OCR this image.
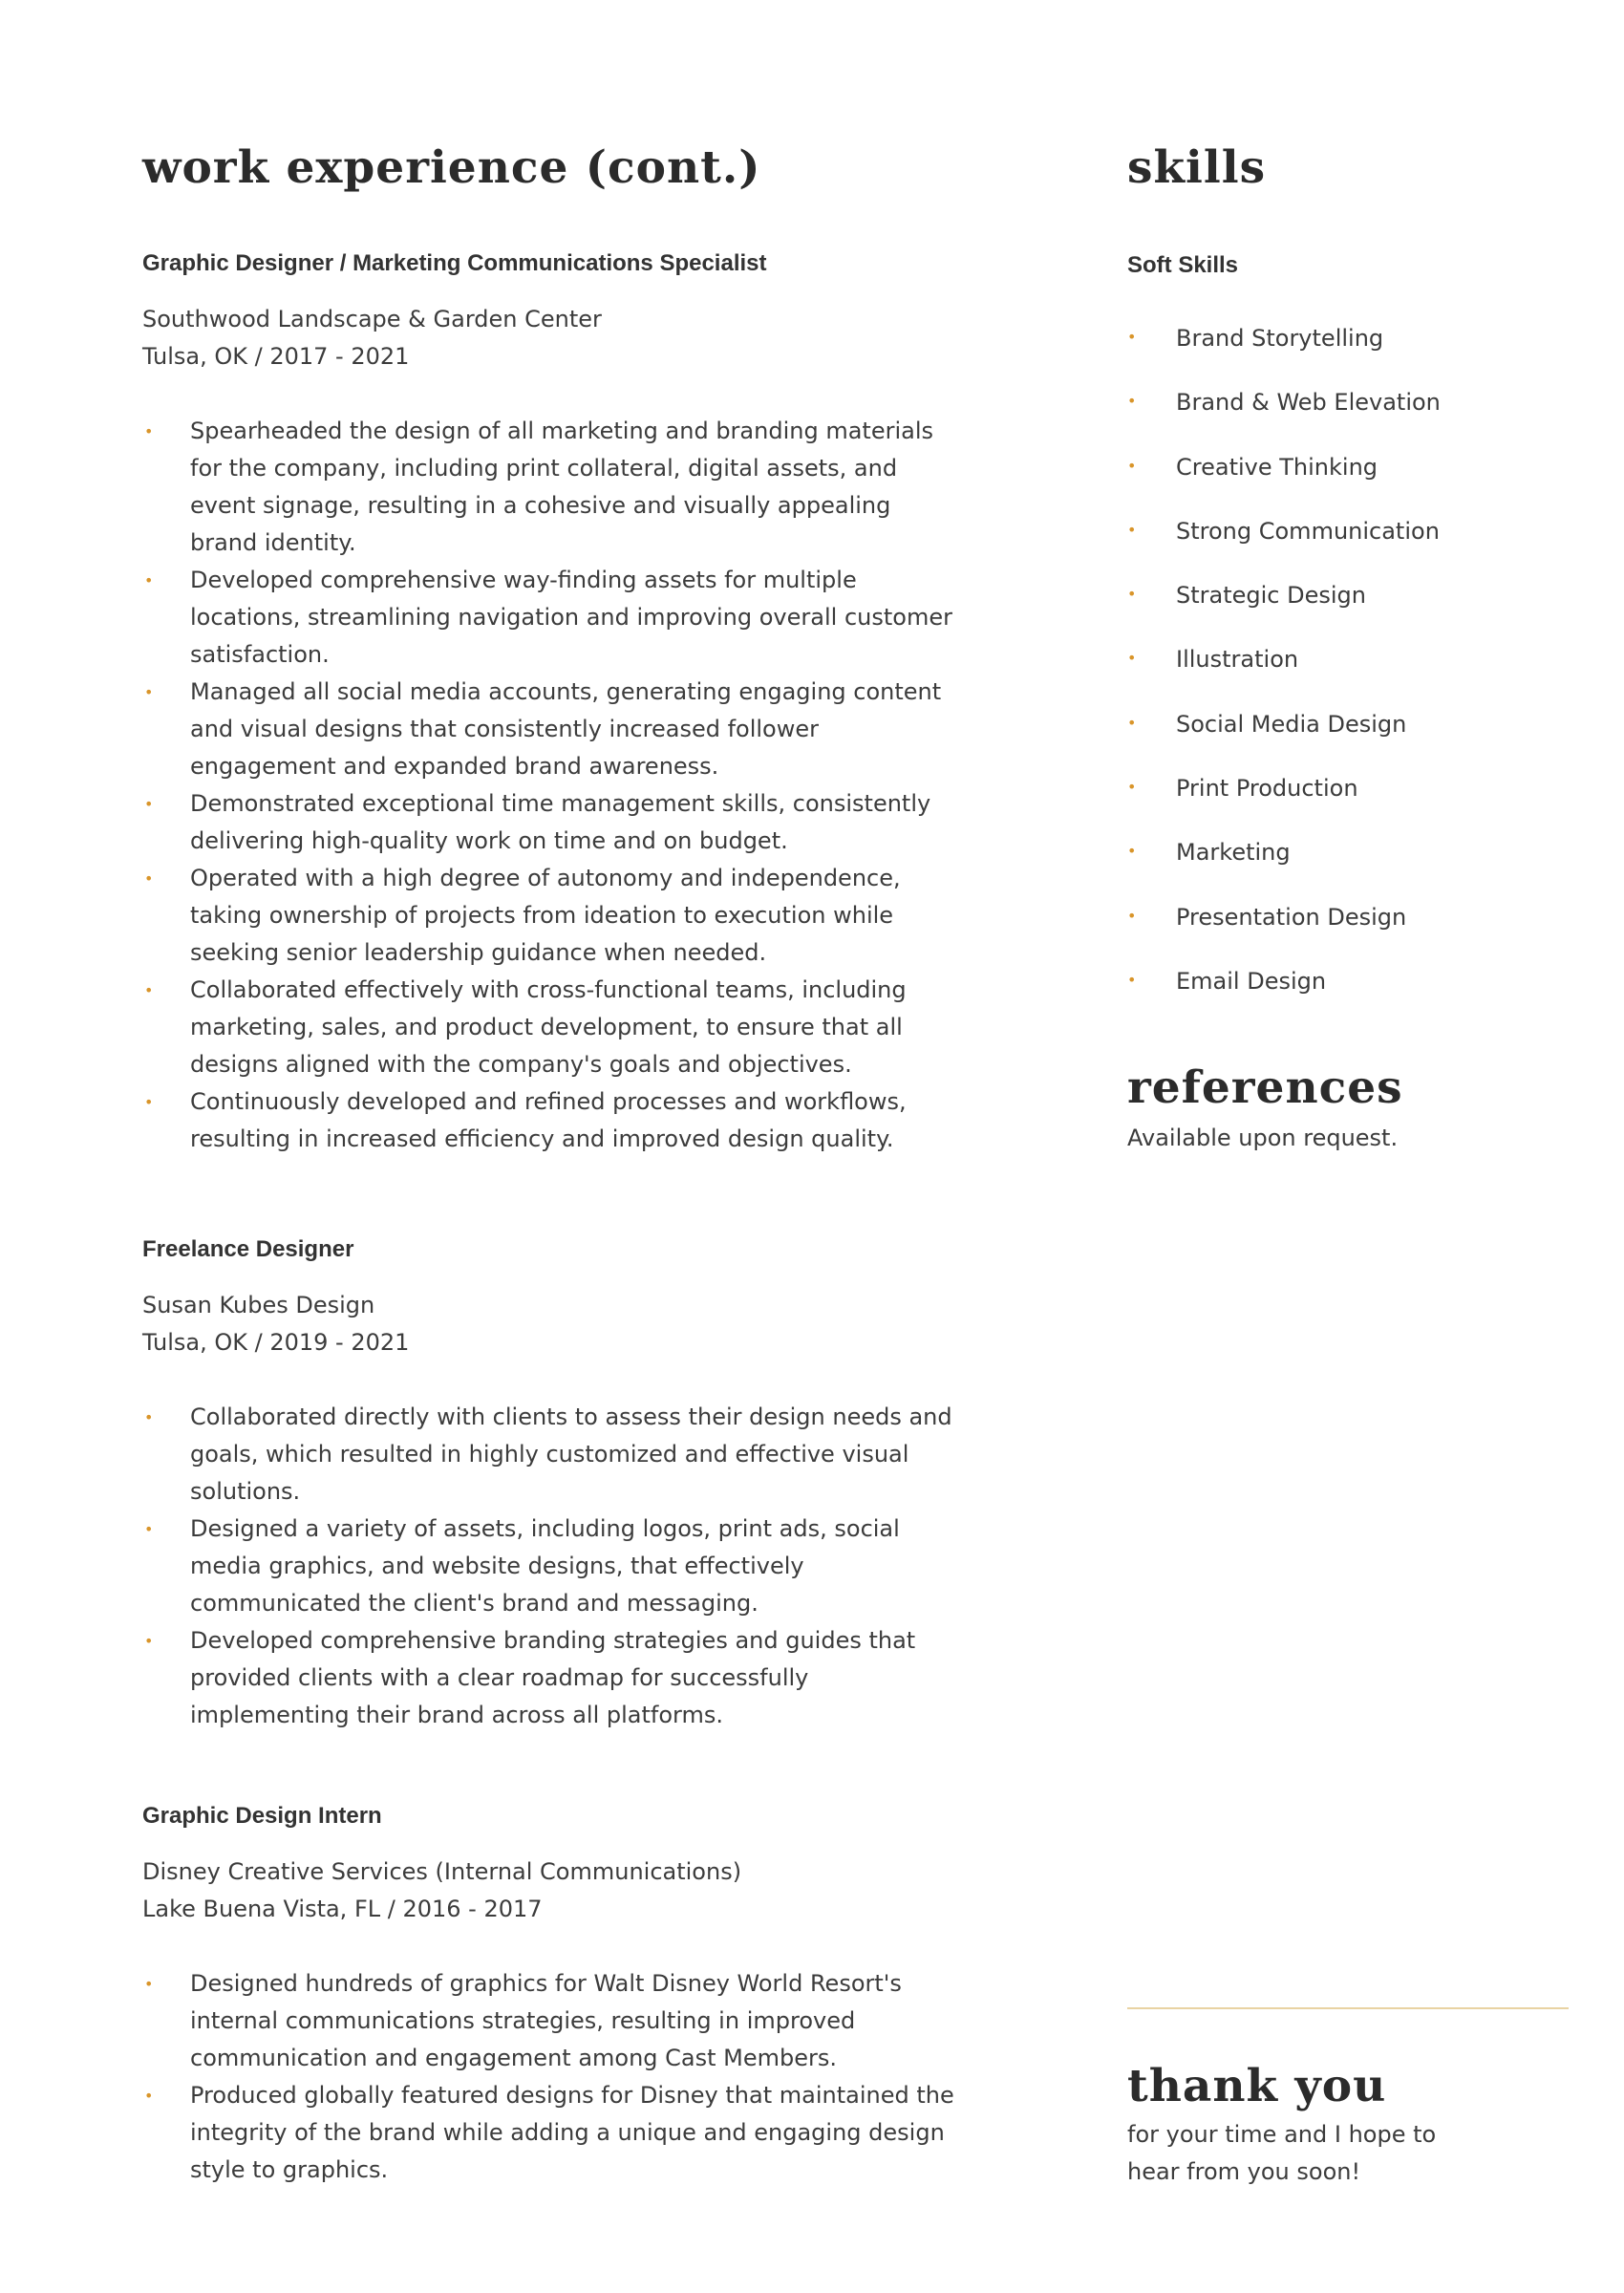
work experience (cont.)

Graphic Designer / Marketing Communications Specialist

Southwood Landscape & Garden Center

Tulsa, OK / 2017 - 2021

• Spearheaded the design of all marketing and branding materials for the company, including print collateral, digital assets, and event signage, resulting in a cohesive and visually appealing brand identity.
• Developed comprehensive way-finding assets for multiple locations, streamlining navigation and improving overall customer satisfaction.
• Managed all social media accounts, generating engaging content and visual designs that consistently increased follower engagement and expanded brand awareness.
• Demonstrated exceptional time management skills, consistently delivering high-quality work on time and on budget.
• Operated with a high degree of autonomy and independence, taking ownership of projects from ideation to execution while seeking senior leadership guidance when needed.
• Collaborated effectively with cross-functional teams, including marketing, sales, and product development, to ensure that all designs aligned with the company's goals and objectives.
• Continuously developed and refined processes and workflows, resulting in increased efficiency and improved design quality.

Freelance Designer

Susan Kubes Design

Tulsa, OK / 2019 - 2021

• Collaborated directly with clients to assess their design needs and goals, which resulted in highly customized and effective visual solutions.
• Designed a variety of assets, including logos, print ads, social media graphics, and website designs, that effectively communicated the client's brand and messaging.
• Developed comprehensive branding strategies and guides that provided clients with a clear roadmap for successfully implementing their brand across all platforms.

Graphic Design Intern

Disney Creative Services (Internal Communications)

Lake Buena Vista, FL / 2016 - 2017

• Designed hundreds of graphics for Walt Disney World Resort's internal communications strategies, resulting in improved communication and engagement among Cast Members.
• Produced globally featured designs for Disney that maintained the integrity of the brand while adding a unique and engaging design style to graphics.
skills

Soft Skills

• Brand Storytelling
• Brand & Web Elevation
• Creative Thinking
• Strong Communication
• Strategic Design
• Illustration
• Social Media Design
• Print Production
• Marketing
• Presentation Design
• Email Design
references

Available upon request.

thank you

for your time and I hope to

hear from you soon!
